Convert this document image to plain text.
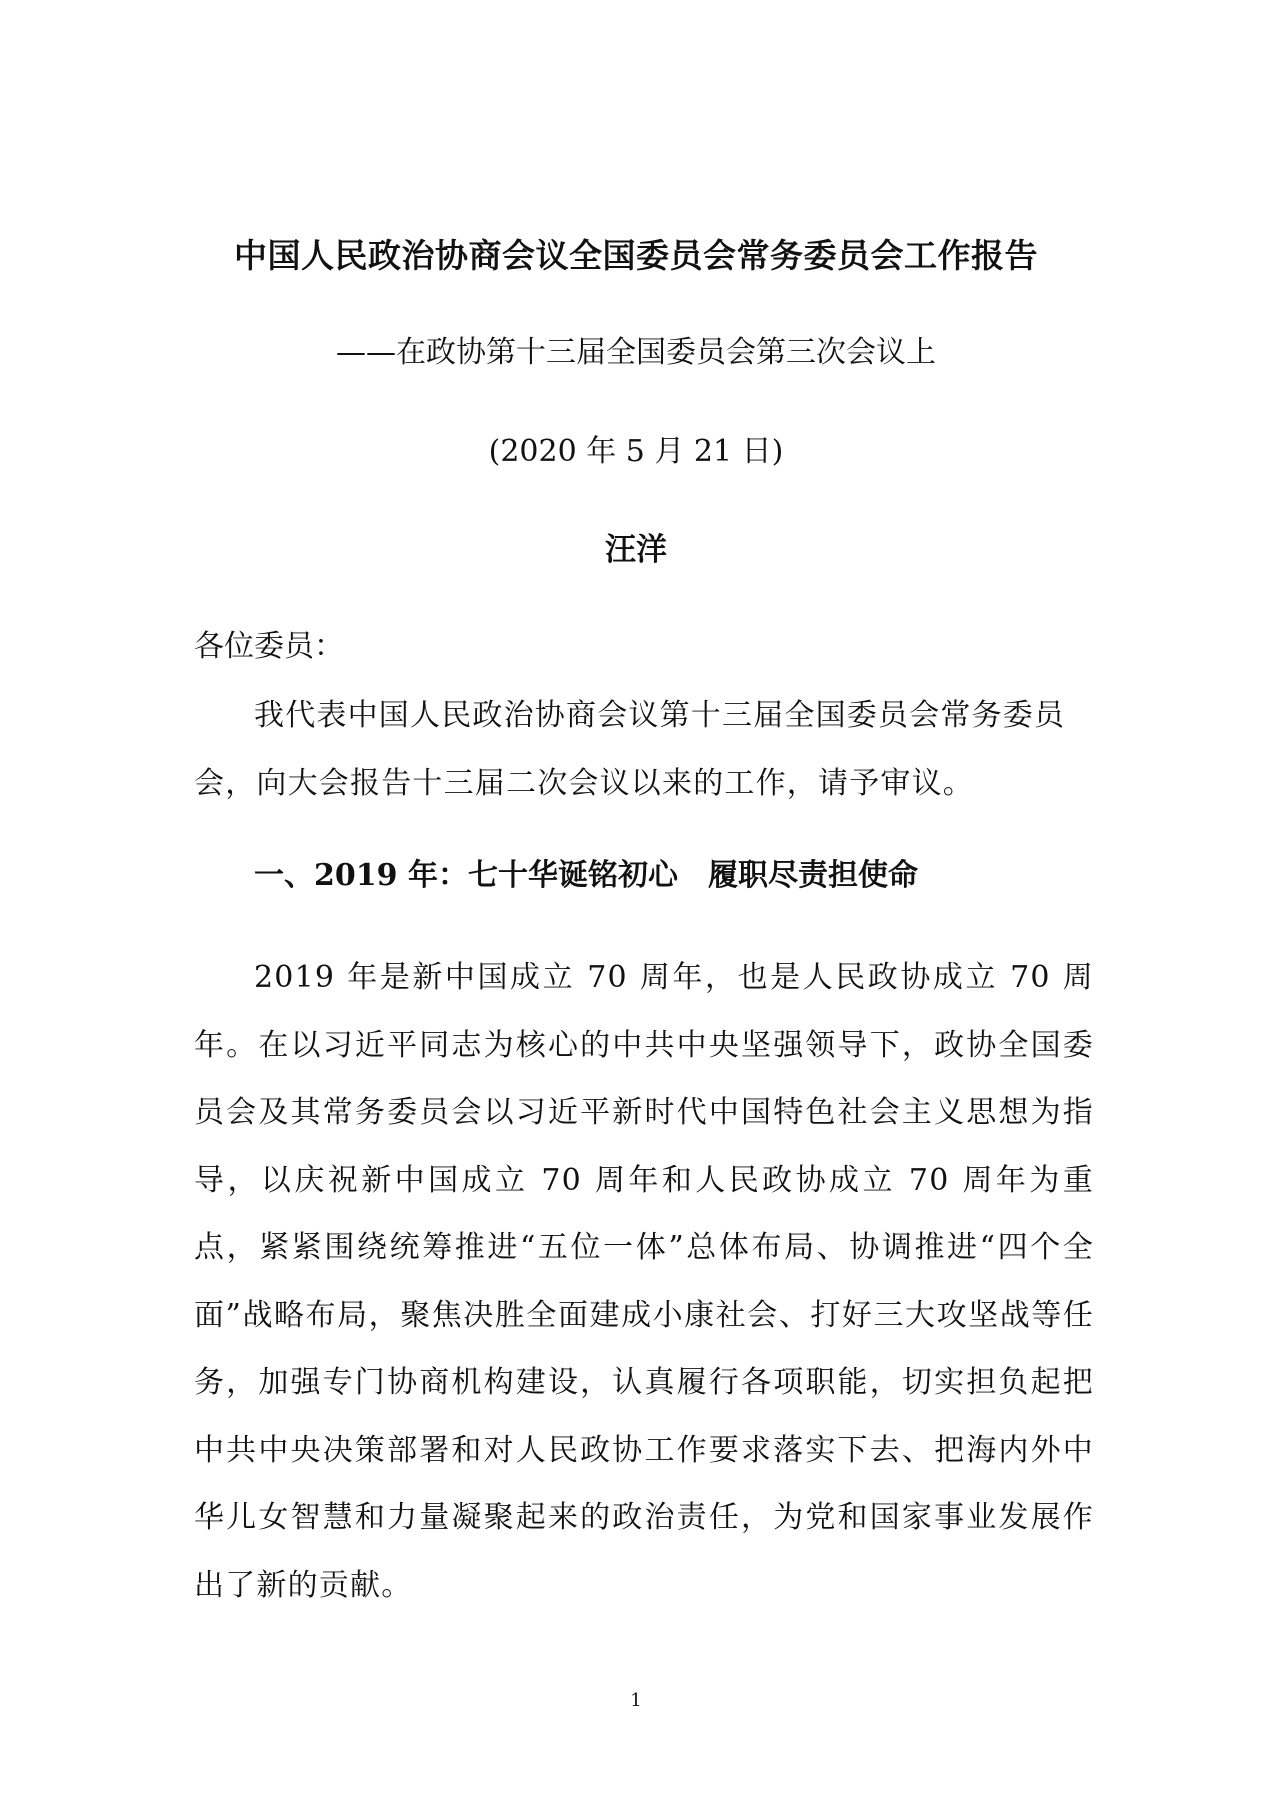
中国人民政治协商会议全国委员会常务委员会工作报告
——在政协第十三届全国委员会第三次会议上
(2020 年 5 月 21 日)
汪洋
各位委员：
我代表中国人民政治协商会议第十三届全国委员会常务委员会，向大会报告十三届二次会议以来的工作，请予审议。
一、2019 年：七十华诞铭初心　履职尽责担使命
2019 年是新中国成立 70 周年，也是人民政协成立 70 周年。在以习近平同志为核心的中共中央坚强领导下，政协全国委员会及其常务委员会以习近平新时代中国特色社会主义思想为指导，以庆祝新中国成立 70 周年和人民政协成立 70 周年为重点，紧紧围绕统筹推进“五位一体”总体布局、协调推进“四个全面”战略布局，聚焦决胜全面建成小康社会、打好三大攻坚战等任务，加强专门协商机构建设，认真履行各项职能，切实担负起把中共中央决策部署和对人民政协工作要求落实下去、把海内外中华儿女智慧和力量凝聚起来的政治责任，为党和国家事业发展作出了新的贡献。
1
